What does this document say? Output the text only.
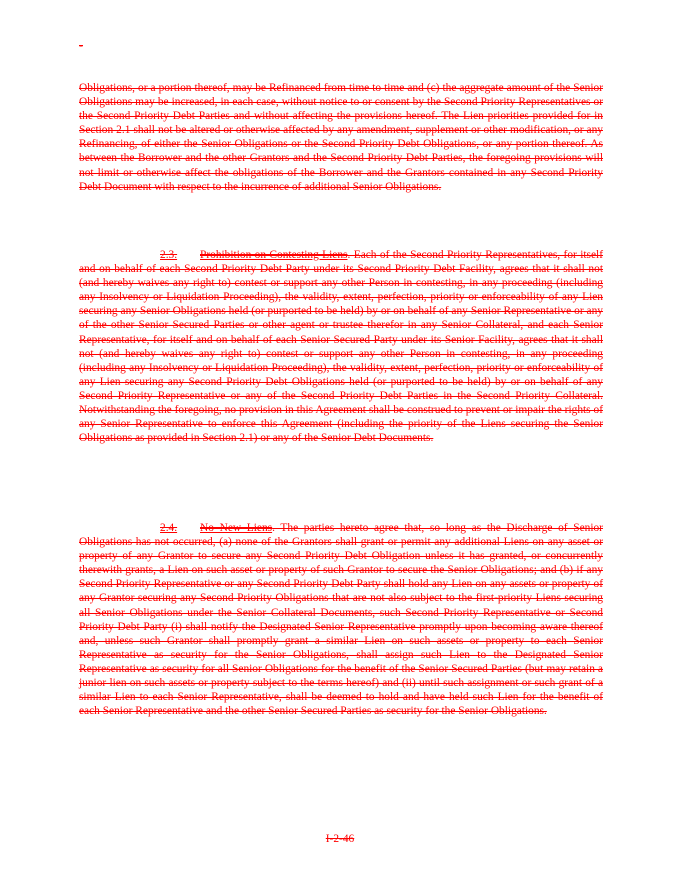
-

Obligations, or a portion thereof, may be Refinanced from time to time and (c) the aggregate amount of the Senior Obligations may be increased, in each case, without notice to or consent by the Second Priority Representatives or the Second Priority Debt Parties and without affecting the provisions hereof. The Lien priorities provided for in Section 2.1 shall not be altered or otherwise affected by any amendment, supplement or other modification, or any Refinancing, of either the Senior Obligations or the Second Priority Debt Obligations, or any portion thereof. As between the Borrower and the other Grantors and the Second Priority Debt Parties, the foregoing provisions will not limit or otherwise affect the obligations of the Borrower and the Grantors contained in any Second Priority Debt Document with respect to the incurrence of additional Senior Obligations.

2.3. Prohibition on Contesting Liens. Each of the Second Priority Representatives, for itself and on behalf of each Second Priority Debt Party under its Second Priority Debt Facility, agrees that it shall not (and hereby waives any right to) contest or support any other Person in contesting, in any proceeding (including any Insolvency or Liquidation Proceeding), the validity, extent, perfection, priority or enforceability of any Lien securing any Senior Obligations held (or purported to be held) by or on behalf of any Senior Representative or any of the other Senior Secured Parties or other agent or trustee therefor in any Senior Collateral, and each Senior Representative, for itself and on behalf of each Senior Secured Party under its Senior Facility, agrees that it shall not (and hereby waives any right to) contest or support any other Person in contesting, in any proceeding (including any Insolvency or Liquidation Proceeding), the validity, extent, perfection, priority or enforceability of any Lien securing any Second Priority Debt Obligations held (or purported to be held) by or on behalf of any Second Priority Representative or any of the Second Priority Debt Parties in the Second Priority Collateral. Notwithstanding the foregoing, no provision in this Agreement shall be construed to prevent or impair the rights of any Senior Representative to enforce this Agreement (including the priority of the Liens securing the Senior Obligations as provided in Section 2.1) or any of the Senior Debt Documents.

2.4. No New Liens. The parties hereto agree that, so long as the Discharge of Senior Obligations has not occurred, (a) none of the Grantors shall grant or permit any additional Liens on any asset or property of any Grantor to secure any Second Priority Debt Obligation unless it has granted, or concurrently therewith grants, a Lien on such asset or property of such Grantor to secure the Senior Obligations; and (b) if any Second Priority Representative or any Second Priority Debt Party shall hold any Lien on any assets or property of any Grantor securing any Second Priority Obligations that are not also subject to the first-priority Liens securing all Senior Obligations under the Senior Collateral Documents, such Second Priority Representative or Second Priority Debt Party (i) shall notify the Designated Senior Representative promptly upon becoming aware thereof and, unless such Grantor shall promptly grant a similar Lien on such assets or property to each Senior Representative as security for the Senior Obligations, shall assign such Lien to the Designated Senior Representative as security for all Senior Obligations for the benefit of the Senior Secured Parties (but may retain a junior lien on such assets or property subject to the terms hereof) and (ii) until such assignment or such grant of a similar Lien to each Senior Representative, shall be deemed to hold and have held such Lien for the benefit of each Senior Representative and the other Senior Secured Parties as security for the Senior Obligations.

I-2-46
